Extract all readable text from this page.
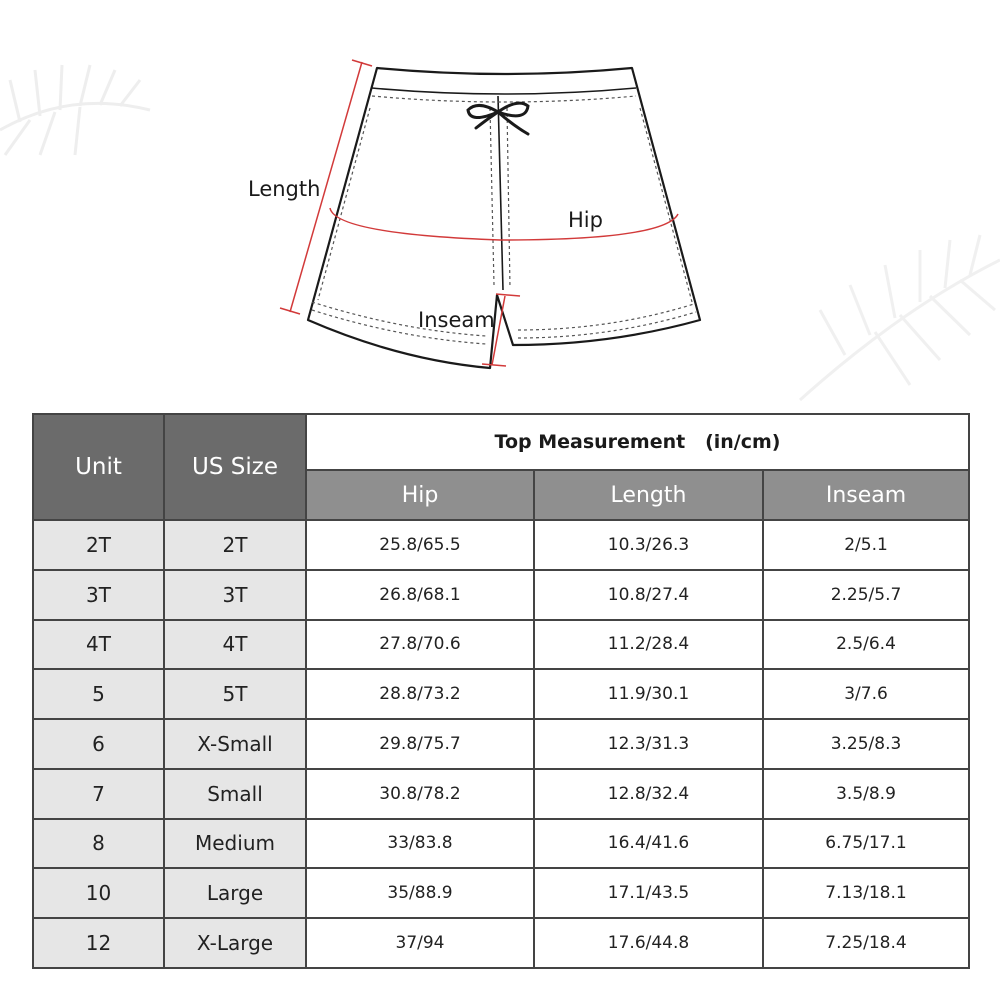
Length
Hip
Inseam
Unit	US Size	Top Measurement   (in/cm)		
		Hip	Length	Inseam
2T	2T	25.8/65.5	10.3/26.3	2/5.1
3T	3T	26.8/68.1	10.8/27.4	2.25/5.7
4T	4T	27.8/70.6	11.2/28.4	2.5/6.4
5	5T	28.8/73.2	11.9/30.1	3/7.6
6	X-Small	29.8/75.7	12.3/31.3	3.25/8.3
7	Small	30.8/78.2	12.8/32.4	3.5/8.9
8	Medium	33/83.8	16.4/41.6	6.75/17.1
10	Large	35/88.9	17.1/43.5	7.13/18.1
12	X-Large	37/94	17.6/44.8	7.25/18.4
